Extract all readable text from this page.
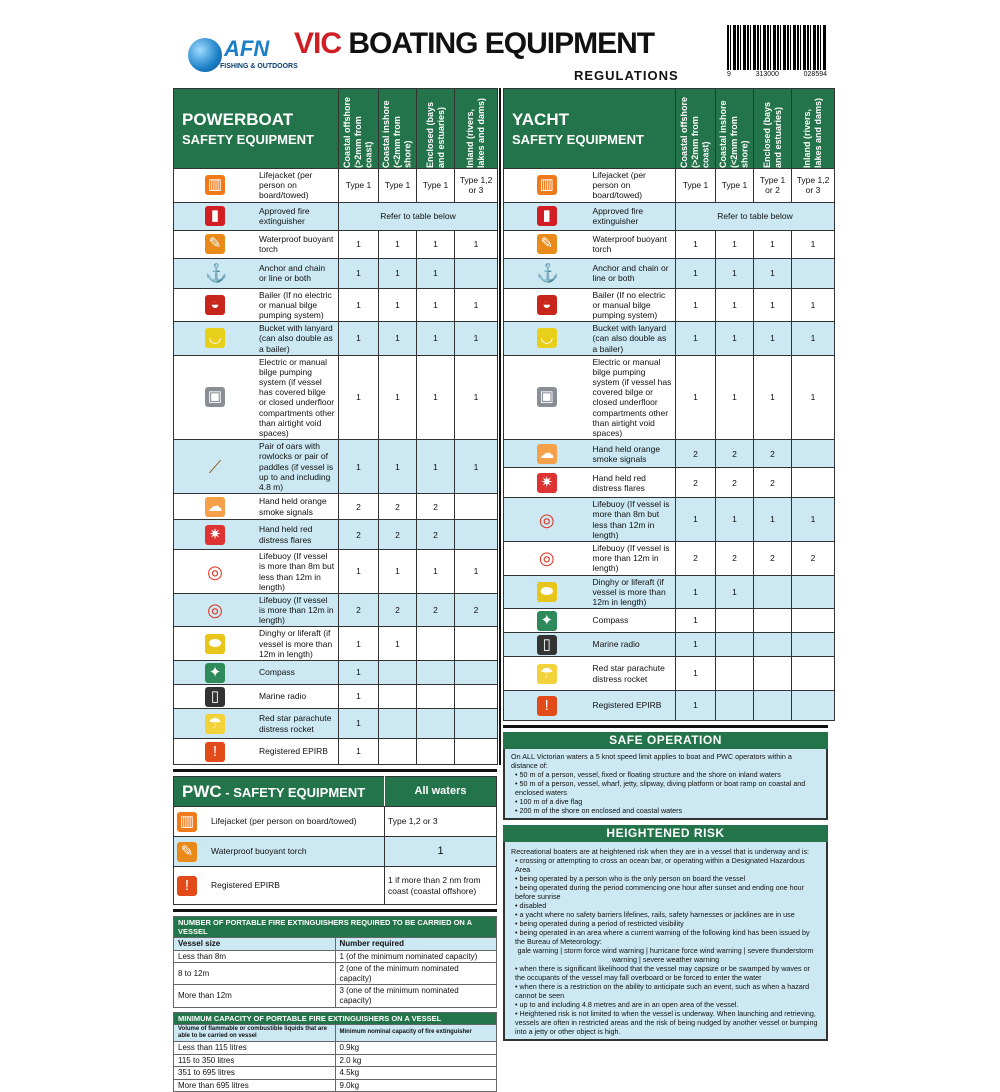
AFN
FISHING & OUTDOORS
VIC BOATING EQUIPMENT
REGULATIONS	9	313000	028594
POWERBOAT
SAFETY EQUIPMENT		Coastal offshore (>2mm from coast)	Coastal inshore (<2mm from shore)	Enclosed (bays and estuaries)	Inland (rivers, lakes and dams)

▥	Lifejacket (per person on board/towed)	Type 1	Type 1	Type 1	Type 1,2 or 3
▮	Approved fire extinguisher	Refer to table below			
✎	Waterproof buoyant torch	1	1	1	1
⚓	Anchor and chain or line or both	1	1	1	
◒	Bailer (If no electric or manual bilge pumping system)	1	1	1	1
◡	Bucket with lanyard (can also double as a bailer)	1	1	1	1
▣	Electric or manual bilge pumping system (if vessel has covered bilge or closed underfloor compartments other than airtight void spaces)	1	1	1	1
⟋	Pair of oars with rowlocks or pair of paddles (if vessel is up to and including 4.8 m)	1	1	1	1
☁	Hand held orange smoke signals	2	2	2	
✷	Hand held red distress flares	2	2	2	
◎	Lifebuoy (If vessel is more than 8m but less than 12m in length)	1	1	1	1
◎	Lifebuoy (If vessel is more than 12m in length)	2	2	2	2
⬬	Dinghy or liferaft (if vessel is more than 12m in length)	1	1		
✦	Compass	1			
▯	Marine radio	1			
☂	Red star parachute distress rocket	1			
ǃ	Registered EPIRB	1			
PWC - SAFETY EQUIPMENT	All waters
▥ Lifejacket (per person on board/towed)	Type 1,2 or 3
✎ Waterproof buoyant torch	1
ǃ Registered EPIRB	1 if more than 2 nm from coast (coastal offshore)
NUMBER OF PORTABLE FIRE EXTINGUISHERS REQUIRED TO BE CARRIED ON A VESSEL	
Vessel size	Number required
Less than 8m	1 (of the minimum nominated capacity)
8 to 12m	2 (one of the minimum nominated capacity)
More than 12m	3 (one of the minimum nominated capacity)
MINIMUM CAPACITY OF PORTABLE FIRE EXTINGUISHERS ON A VESSEL	
Volume of flammable or combustible liquids that are able to be carried on vessel	Minimum nominal capacity of fire extinguisher
Less than 115 litres	0.9kg
115 to 350 litres	2.0 kg
351 to 695 litres	4.5kg
More than 695 litres	9.0kg
YACHT
SAFETY EQUIPMENT		Coastal offshore (>2mm from coast)	Coastal inshore (<2mm from shore)	Enclosed (bays and estuaries)	Inland (rivers, lakes and dams)

▥	Lifejacket (per person on board/towed)	Type 1	Type 1	Type 1 or 2	Type 1,2 or 3
▮	Approved fire extinguisher	Refer to table below			
✎	Waterproof buoyant torch	1	1	1	1
⚓	Anchor and chain or line or both	1	1	1	
◒	Bailer (If no electric or manual bilge pumping system)	1	1	1	1
◡	Bucket with lanyard (can also double as a bailer)	1	1	1	1
▣	Electric or manual bilge pumping system (if vessel has covered bilge or closed underfloor compartments other than airtight void spaces)	1	1	1	1
☁	Hand held orange smoke signals	2	2	2	
✷	Hand held red distress flares	2	2	2	
◎	Lifebuoy (If vessel is more than 8m but less than 12m in length)	1	1	1	1
◎	Lifebuoy (If vessel is more than 12m in length)	2	2	2	2
⬬	Dinghy or liferaft (if vessel is more than 12m in length)	1	1		
✦	Compass	1			
▯	Marine radio	1			
☂	Red star parachute distress rocket	1			
ǃ	Registered EPIRB	1			
SAFE OPERATION

On ALL Victorian waters a 5 knot speed limit applies to boat and PWC operators within a distance of:

• 50 m of a person, vessel, fixed or floating structure and the shore on inland waters

• 50 m of a person, vessel, wharf, jetty, slipway, diving platform or boat ramp on coastal and enclosed waters

• 100 m of a dive flag

• 200 m of the shore on enclosed and coastal waters

HEIGHTENED RISK

Recreational boaters are at heightened risk when they are in a vessel that is underway and is:

• crossing or attempting to cross an ocean bar, or operating within a Designated Hazardous Area

• being operated by a person who is the only person on board the vessel

• being operated during the period commencing one hour after sunset and ending one hour before sunrise

• disabled

• a yacht where no safety barriers lifelines, rails, safety harnesses or jacklines are in use

• being operated during a period of restricted visibility

• being operated in an area where a current warning of the following kind has been issued by the Bureau of Meteorology:

gale warning | storm force wind warning | hurricane force wind warning | severe thunderstorm warning | severe weather warning

• when there is significant likelihood that the vessel may capsize or be swamped by waves or the occupants of the vessel may fall overboard or be forced to enter the water

• when there is a restriction on the ability to anticipate such an event, such as when a hazard cannot be seen

• up to and including 4.8 metres and are in an open area of the vessel.

• Heightened risk is not limited to when the vessel is underway. When launching and retrieving, vessels are often in restricted areas and the risk of being nudged by another vessel or bumping into a jetty or other object is high.
